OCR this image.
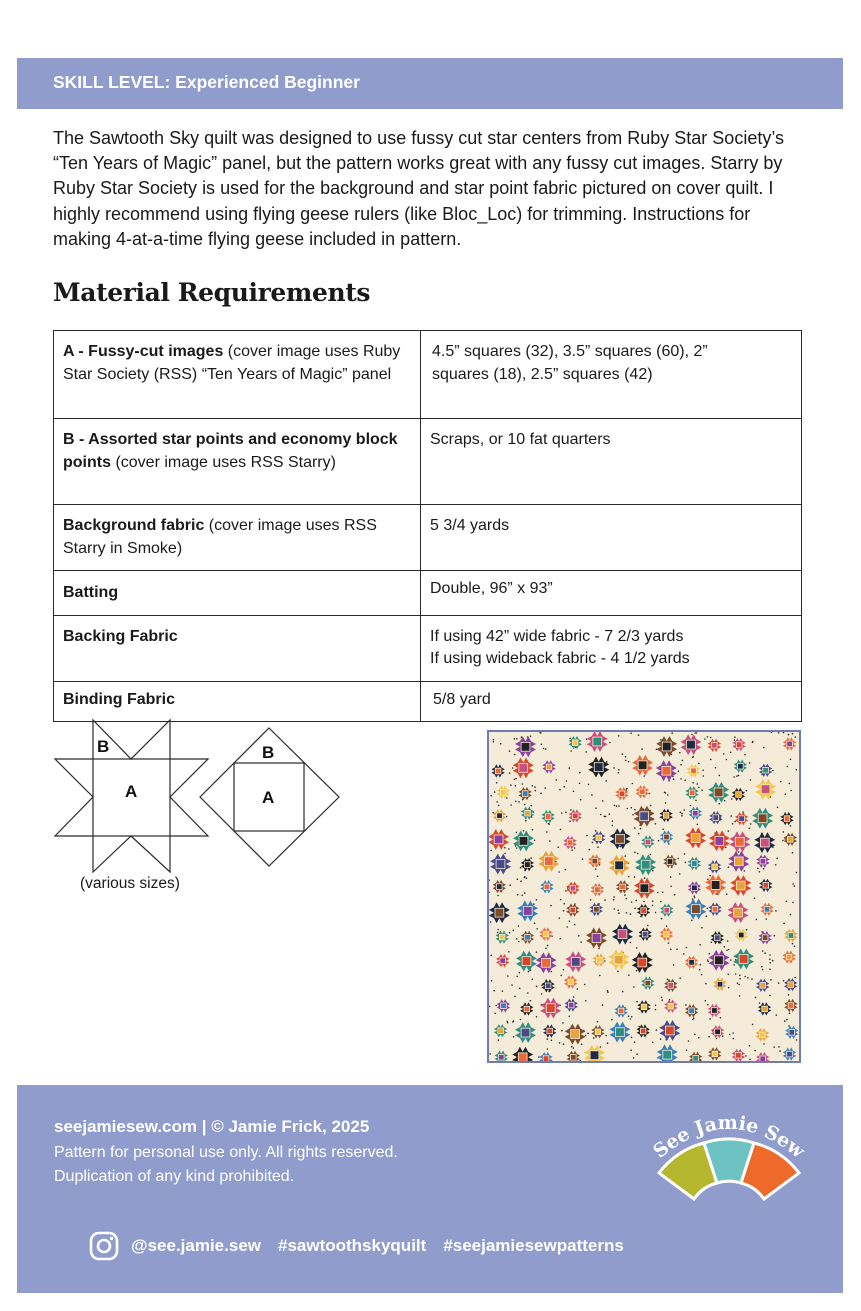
SKILL LEVEL: Experienced Beginner

The Sawtooth Sky quilt was designed to use fussy cut star centers from Ruby Star Society’s “Ten Years of Magic” panel, but the pattern works great with any fussy cut images. Starry by Ruby Star Society is used for the background and star point fabric pictured on cover quilt. I highly recommend using flying geese rulers (like Bloc_Loc) for trimming. Instructions for making 4-at-a-time flying geese included in pattern.

Material Requirements
A - Fussy-cut images (cover image uses Ruby Star Society (RSS) “Ten Years of Magic” panel	4.5” squares (32), 3.5” squares (60), 2” squares (18), 2.5” squares (42)

B - Assorted star points and economy block points (cover image uses RSS Starry)	Scraps, or 10 fat quarters

Background fabric (cover image uses RSS Starry in Smoke)	5 3/4 yards

Batting	Double, 96” x 93”

Backing Fabric	If using 42” wide fabric - 7 2/3 yards
If using wideback fabric - 4 1/2 yards

Binding Fabric	5/8 yard
B
A
B
A
(various sizes)
seejamiesew.com | © Jamie Frick, 2025
Pattern for personal use only. All rights reserved.
Duplication of any kind prohibited.
See Jamie Sew
@see.jamie.sew #sawtoothskyquilt #seejamiesewpatterns
